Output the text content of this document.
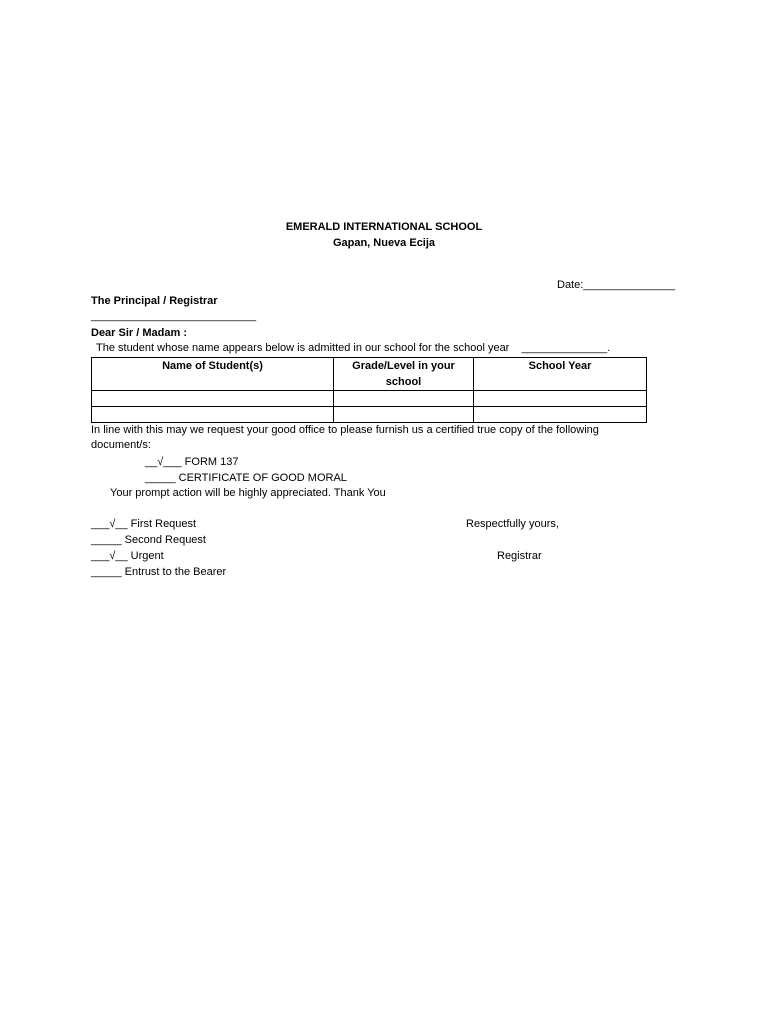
EMERALD INTERNATIONAL SCHOOL
Gapan, Nueva Ecija
Date:_______________
The Principal / Registrar
___________________________
Dear Sir / Madam :
The student whose name appears below is admitted in our school for the school year    ______________.
Name of Student(s)	Grade/Level in your school	School Year

In line with this may we request your good office to please furnish us a certified true copy of the following
document/s:
__√___ FORM 137
_____ CERTIFICATE OF GOOD MORAL
Your prompt action will be highly appreciated. Thank You
___√__ First Request
_____ Second Request
___√__ Urgent
_____ Entrust to the Bearer
Respectfully yours,
Registrar
